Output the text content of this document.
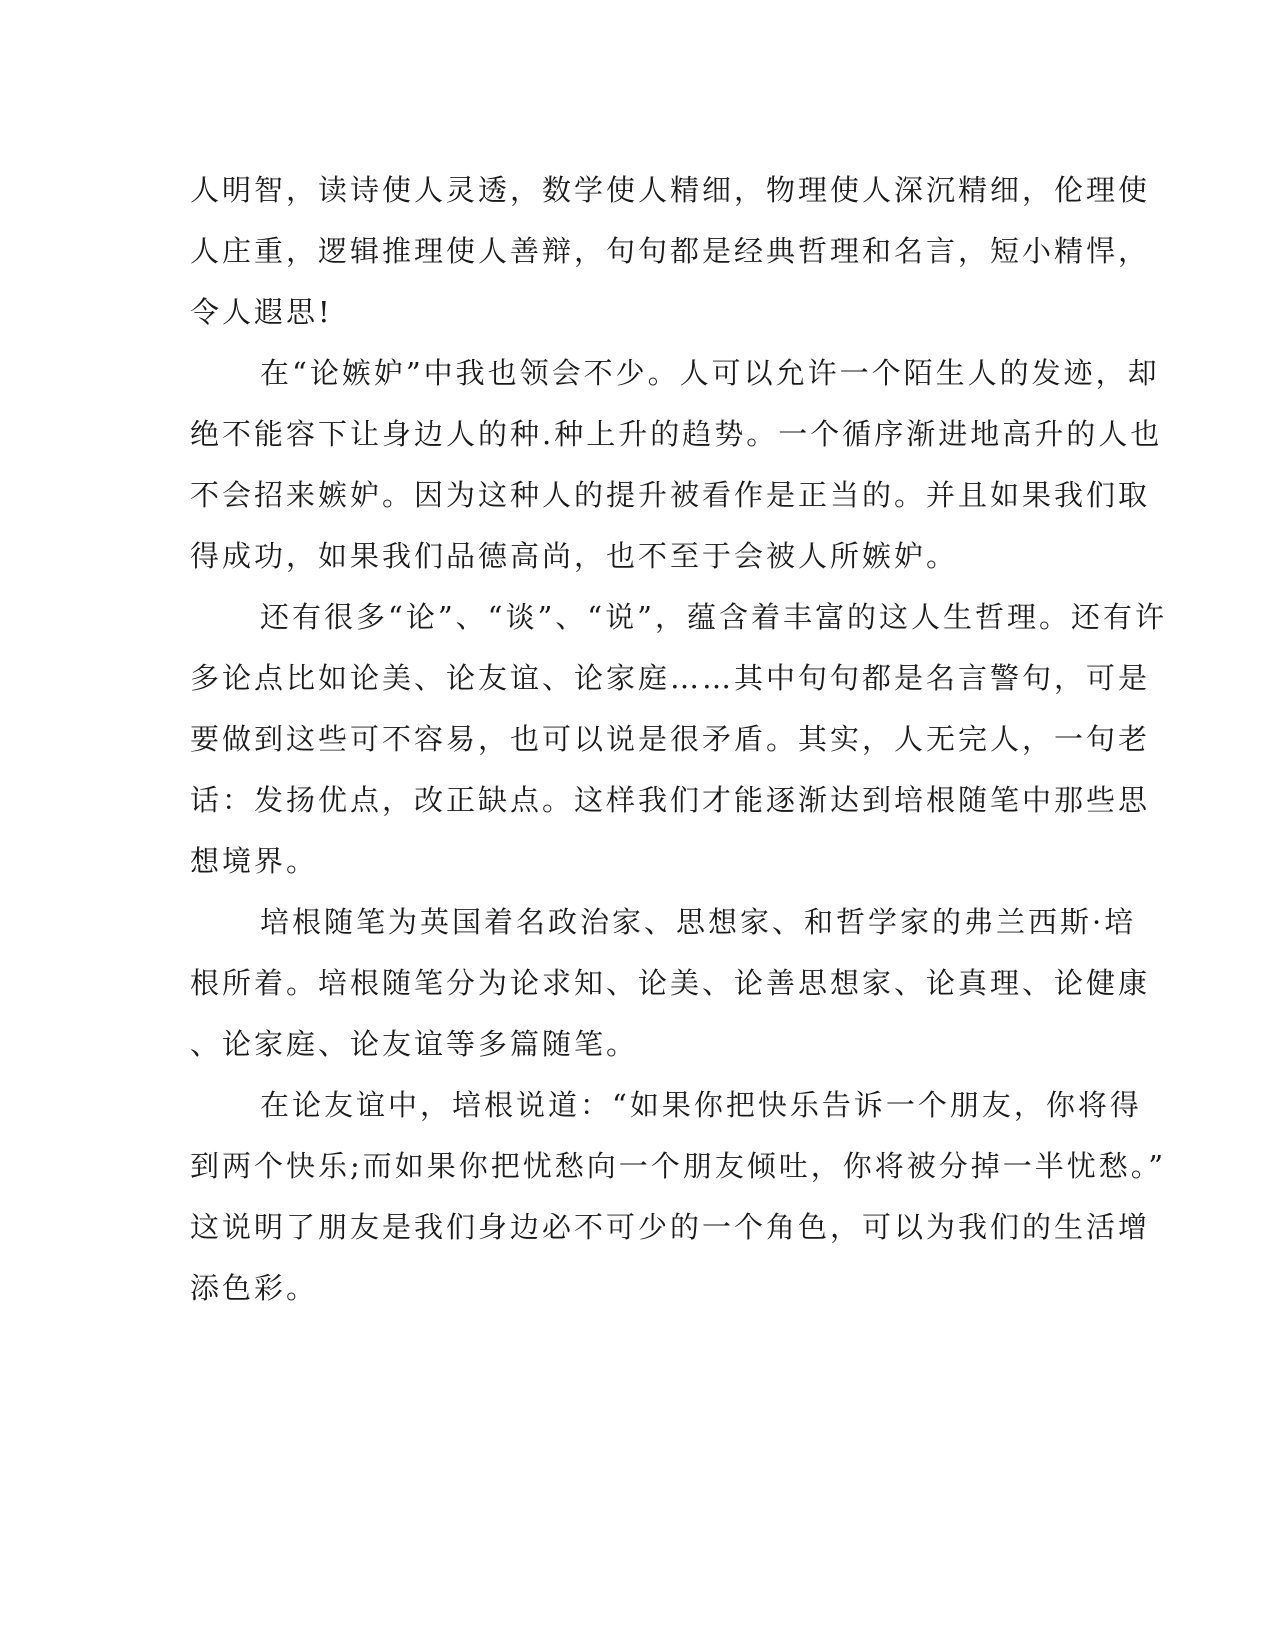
人明智，读诗使人灵透，数学使人精细，物理使人深沉精细，伦理使
人庄重，逻辑推理使人善辩，句句都是经典哲理和名言，短小精悍，
令人遐思!
在“论嫉妒”中我也领会不少。人可以允许一个陌生人的发迹，却
绝不能容下让身边人的种.种上升的趋势。一个循序渐进地高升的人也
不会招来嫉妒。因为这种人的提升被看作是正当的。并且如果我们取
得成功，如果我们品德高尚，也不至于会被人所嫉妒。
还有很多“论”、“谈”、“说”，蕴含着丰富的这人生哲理。还有许
多论点比如论美、论友谊、论家庭……其中句句都是名言警句，可是
要做到这些可不容易，也可以说是很矛盾。其实，人无完人，一句老
话：发扬优点，改正缺点。这样我们才能逐渐达到培根随笔中那些思
想境界。
培根随笔为英国着名政治家、思想家、和哲学家的弗兰西斯·培
根所着。培根随笔分为论求知、论美、论善思想家、论真理、论健康
、论家庭、论友谊等多篇随笔。
在论友谊中，培根说道：“如果你把快乐告诉一个朋友，你将得
到两个快乐;而如果你把忧愁向一个朋友倾吐，你将被分掉一半忧愁。”
这说明了朋友是我们身边必不可少的一个角色，可以为我们的生活增
添色彩。
